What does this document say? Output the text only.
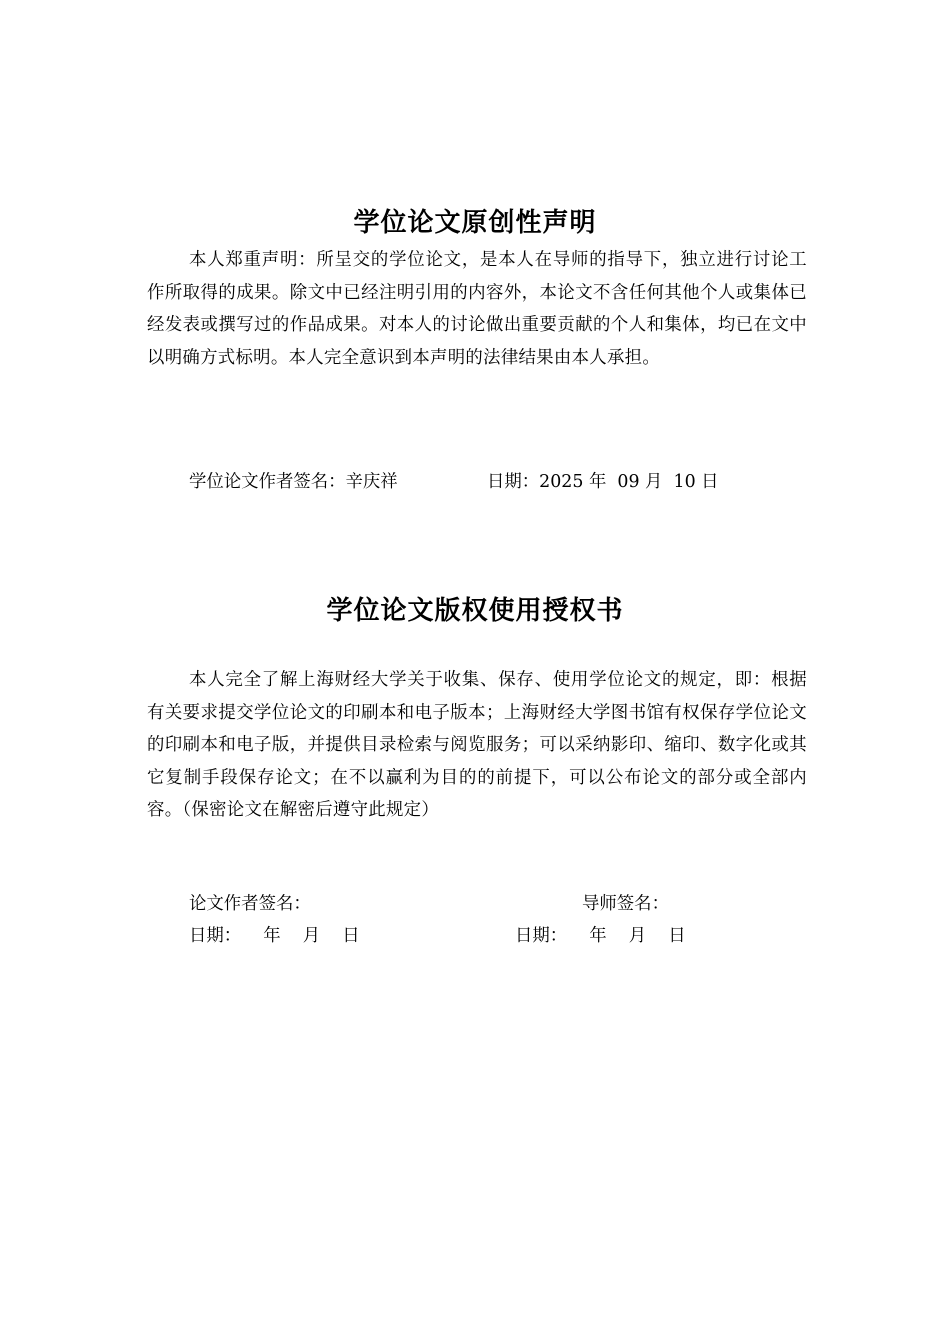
学位论文原创性声明
本人郑重声明：所呈交的学位论文，是本人在导师的指导下，独立进行讨论工作所取得的成果。除文中已经注明引用的内容外，本论文不含任何其他个人或集体已经发表或撰写过的作品成果。对本人的讨论做出重要贡献的个人和集体，均已在文中以明确方式标明。本人完全意识到本声明的法律结果由本人承担。
学位论文作者签名：辛庆祥	日期：2025 年  09 月  10 日
学位论文版权使用授权书
本人完全了解上海财经大学关于收集、保存、使用学位论文的规定，即：根据有关要求提交学位论文的印刷本和电子版本；上海财经大学图书馆有权保存学位论文的印刷本和电子版，并提供目录检索与阅览服务；可以采纳影印、缩印、数字化或其它复制手段保存论文；在不以赢利为目的的前提下，可以公布论文的部分或全部内容。（保密论文在解密后遵守此规定）
论文作者签名：	导师签名：
日期：    年    月    日	日期：    年    月    日
